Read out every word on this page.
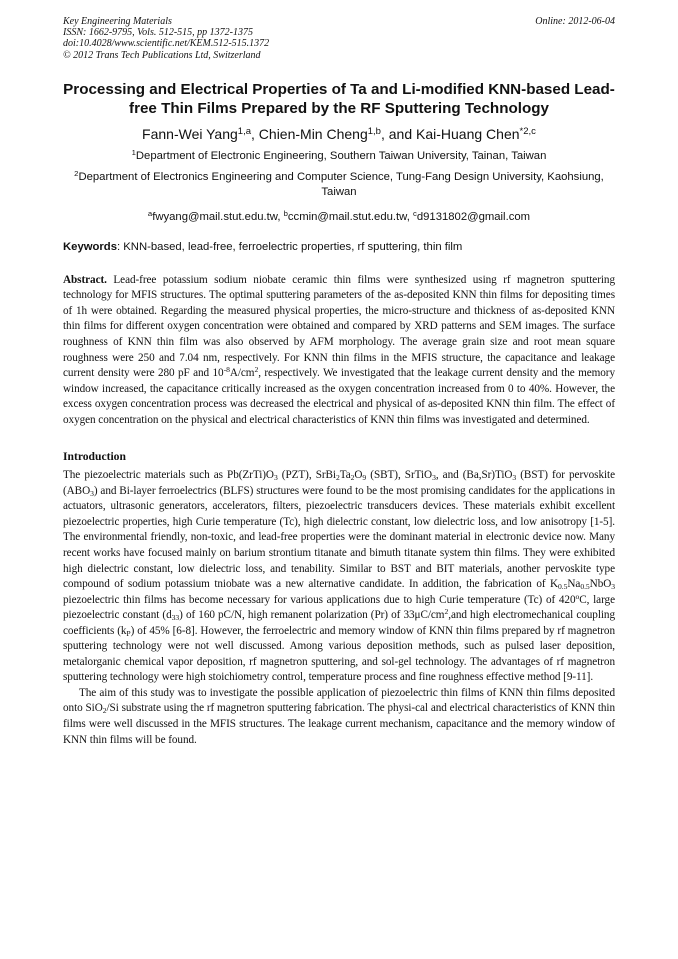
Key Engineering Materials
ISSN: 1662-9795, Vols. 512-515, pp 1372-1375
doi:10.4028/www.scientific.net/KEM.512-515.1372
© 2012 Trans Tech Publications Ltd, Switzerland
Online: 2012-06-04
Processing and Electrical Properties of Ta and Li-modified KNN-based Lead-free Thin Films Prepared by the RF Sputtering Technology
Fann-Wei Yang$^{1,a}$, Chien-Min Cheng$^{1,b}$, and Kai-Huang Chen$^{*2,c}$
$^1$Department of Electronic Engineering, Southern Taiwan University, Tainan, Taiwan
$^2$Department of Electronics Engineering and Computer Science, Tung-Fang Design University, Kaohsiung, Taiwan
$^a$fwyang@mail.stut.edu.tw, $^b$ccmin@mail.stut.edu.tw, $^c$d9131802@gmail.com
Keywords: KNN-based, lead-free, ferroelectric properties, rf sputtering, thin film
Abstract. Lead-free potassium sodium niobate ceramic thin films were synthesized using rf magnetron sputtering technology for MFIS structures. The optimal sputtering parameters of the as-deposited KNN thin films for depositing times of 1h were obtained. Regarding the measured physical properties, the micro-structure and thickness of as-deposited KNN thin films for different oxygen concentration were obtained and compared by XRD patterns and SEM images. The surface roughness of KNN thin film was also observed by AFM morphology. The average grain size and root mean square roughness were 250 and 7.04 nm, respectively. For KNN thin films in the MFIS structure, the capacitance and leakage current density were 280 pF and $10^{-8}A/cm^2$, respectively. We investigated that the leakage current density and the memory window increased, the capacitance critically increased as the oxygen concentration increased from 0 to 40%. However, the excess oxygen concentration process was decreased the electrical and physical of as-deposited KNN thin film. The effect of oxygen concentration on the physical and electrical characteristics of KNN thin films was investigated and determined.
Introduction
The piezoelectric materials such as $Pb(ZrTi)O_3$ (PZT), $SrBi_2Ta_2O_9$ (SBT), SrTiO$_3$, and (Ba,Sr)TiO$_3$ (BST) for pervoskite $(ABO_3)$ and Bi-layer ferroelectrics (BLFS) structures were found to be the most promising candidates for the applications in actuators, ultrasonic generators, accelerators, filters, piezoelectric transducers devices. These materials exhibit excellent piezoelectric properties, high Curie temperature (Tc), high dielectric constant, low dielectric loss, and low anisotropy [1-5]. The environmental friendly, non-toxic, and lead-free properties were the dominant material in electronic device now. Many recent works have focused mainly on barium strontium titanate and bimuth titanate system thin films. They were exhibited high dielectric constant, low dielectric loss, and tenability. Similar to BST and BIT materials, another pervoskite type compound of sodium potassium tniobate was a new alternative candidate. In addition, the fabrication of $K_{0.5}Na_{0.5}NbO_3$ piezoelectric thin films has become necessary for various applications due to high Curie temperature (Tc) of 420$^o$C, large piezoelectric constant $(d_{33})$ of 160 pC/N, high remanent polarization (Pr) of $33\mu C/cm^2,and$ high electromechanical coupling coefficients $(k_P)$ of 45% [6-8]. However, the ferroelectric and memory window of KNN thin films prepared by rf magnetron sputtering technology were not well discussed. Among various deposition methods, such as pulsed laser deposition, metalorganic chemical vapor deposition, rf magnetron sputtering, and sol-gel technology. The advantages of rf magnetron sputtering technology were high stoichiometry control, temperature process and fine roughness effective method [9-11].
The aim of this study was to investigate the possible application of piezoelectric thin films of KNN thin films deposited onto SiO$_2$/Si substrate using the rf magnetron sputtering fabrication. The physi-cal and electrical characteristics of KNN thin films were well discussed in the MFIS structures. The leakage current mechanism, capacitance and the memory window of KNN thin films will be found.
